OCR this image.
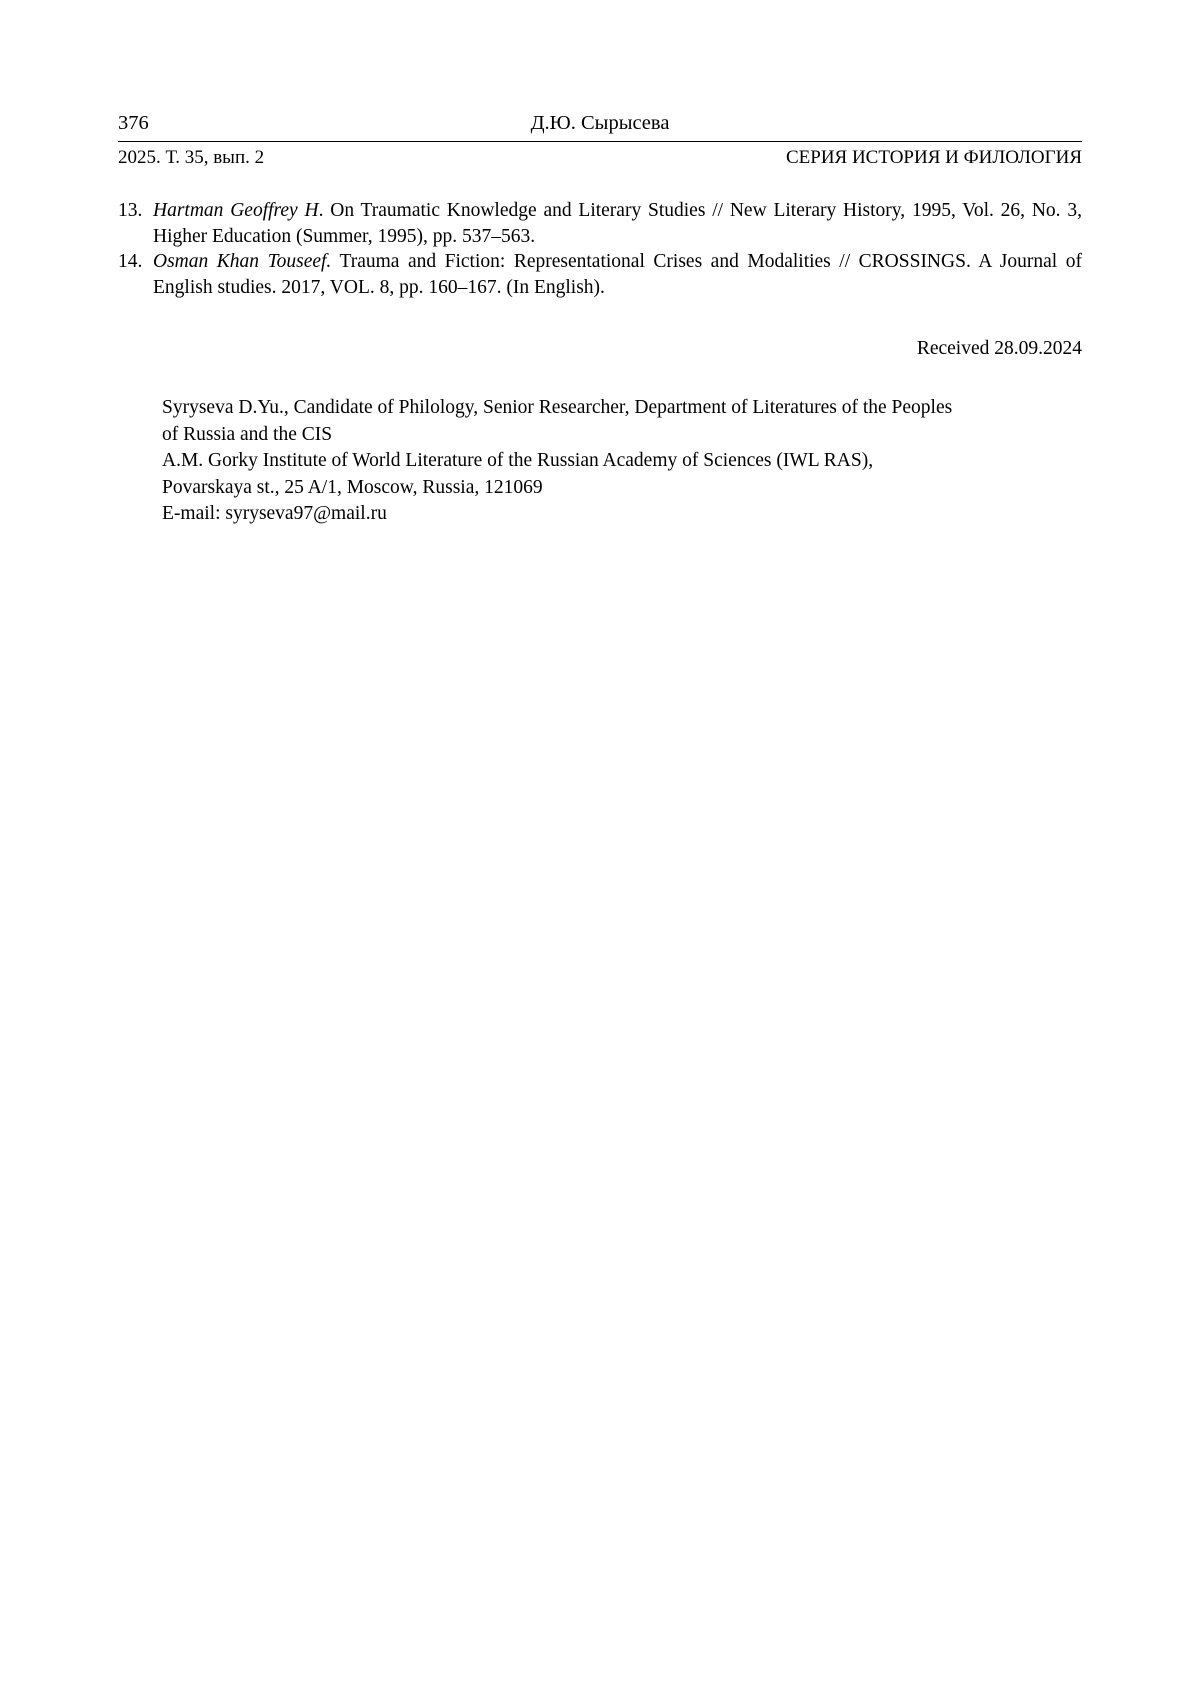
376	Д.Ю. Сырысева
2025. Т. 35, вып. 2	СЕРИЯ ИСТОРИЯ И ФИЛОЛОГИЯ
13. Hartman Geoffrey H. On Traumatic Knowledge and Literary Studies // New Literary History, 1995, Vol. 26, No. 3, Higher Education (Summer, 1995), pp. 537–563.
14. Osman Khan Touseef. Trauma and Fiction: Representational Crises and Modalities // CROSSINGS. A Journal of English studies. 2017, VOL. 8, pp. 160–167. (In English).
Received 28.09.2024
Syryseva D.Yu., Candidate of Philology, Senior Researcher, Department of Literatures of the Peoples
of Russia and the CIS
A.M. Gorky Institute of World Literature of the Russian Academy of Sciences (IWL RAS),
Povarskaya st., 25 A/1, Moscow, Russia, 121069
E-mail: syryseva97@mail.ru
